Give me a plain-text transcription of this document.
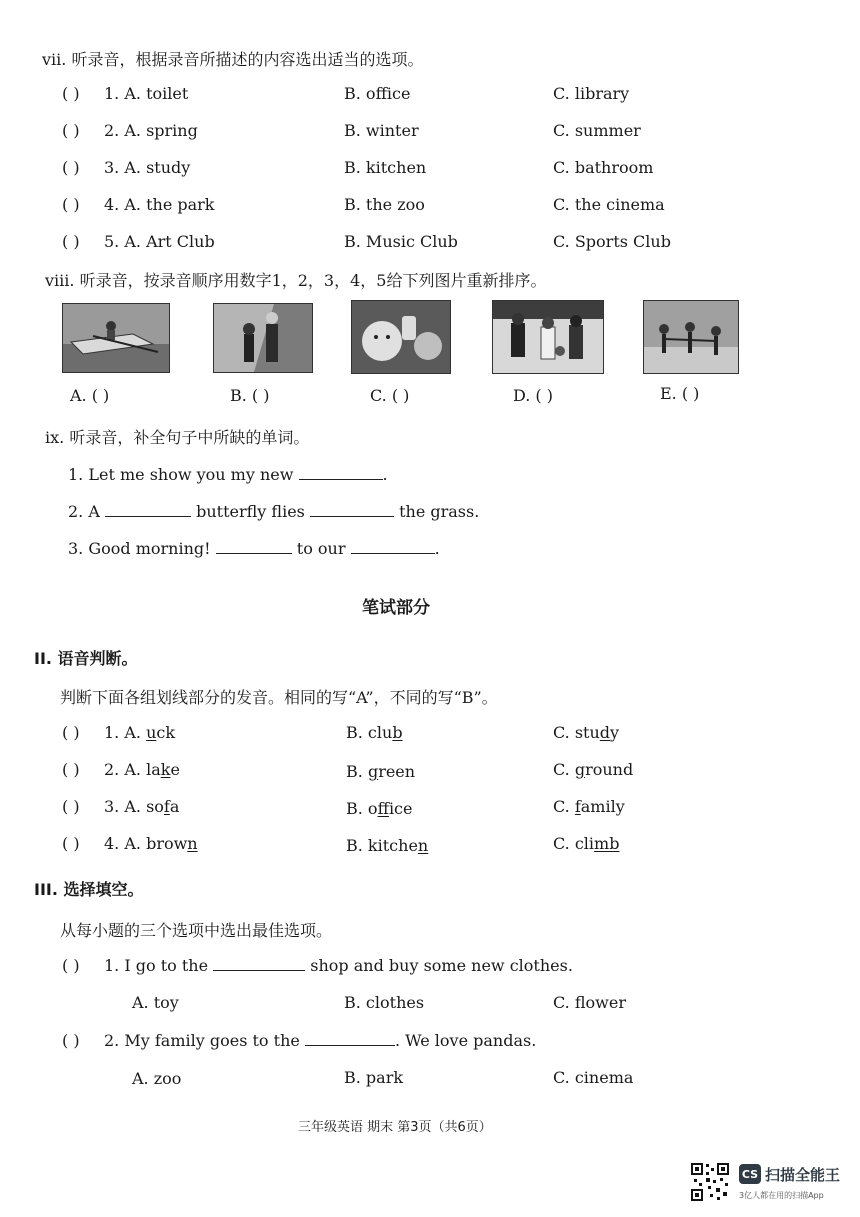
ⅶ. 听录音，根据录音所描述的内容选出适当的选项。
( ) 1. A. toilet	B. office	C. library
( ) 2. A. spring	B. winter	C. summer
( ) 3. A. study	B. kitchen	C. bathroom
( ) 4. A. the park	B. the zoo	C. the cinema
( ) 5. A. Art Club	B. Music Club	C. Sports Club
ⅷ. 听录音，按录音顺序用数字1，2，3，4，5给下列图片重新排序。
A. ( )	B. ( )	C. ( )	D. ( )	E. ( )
ⅸ. 听录音，补全句子中所缺的单词。
1. Let me show you my new	.
2. A	butterfly flies	the grass.
3. Good morning!	to our	.
笔试部分
II. 语音判断。
判断下面各组划线部分的发音。相同的写“A”，不同的写“B”。
( ) 1. A. uck	B. club	C. study
( ) 2. A. lake	B. green	C. ground
( ) 3. A. sofa	B. office	C. family
( ) 4. A. brown	B. kitchen	C. climb
III. 选择填空。
从每小题的三个选项中选出最佳选项。
( ) 1. I go to the	shop and buy some new clothes.
A. toy	B. clothes	C. flower
( ) 2. My family goes to the	. We love pandas.
A. zoo	B. park	C. cinema
三年级英语 期末 第3页（共6页）
CS 扫描全能王
3亿人都在用的扫描App
